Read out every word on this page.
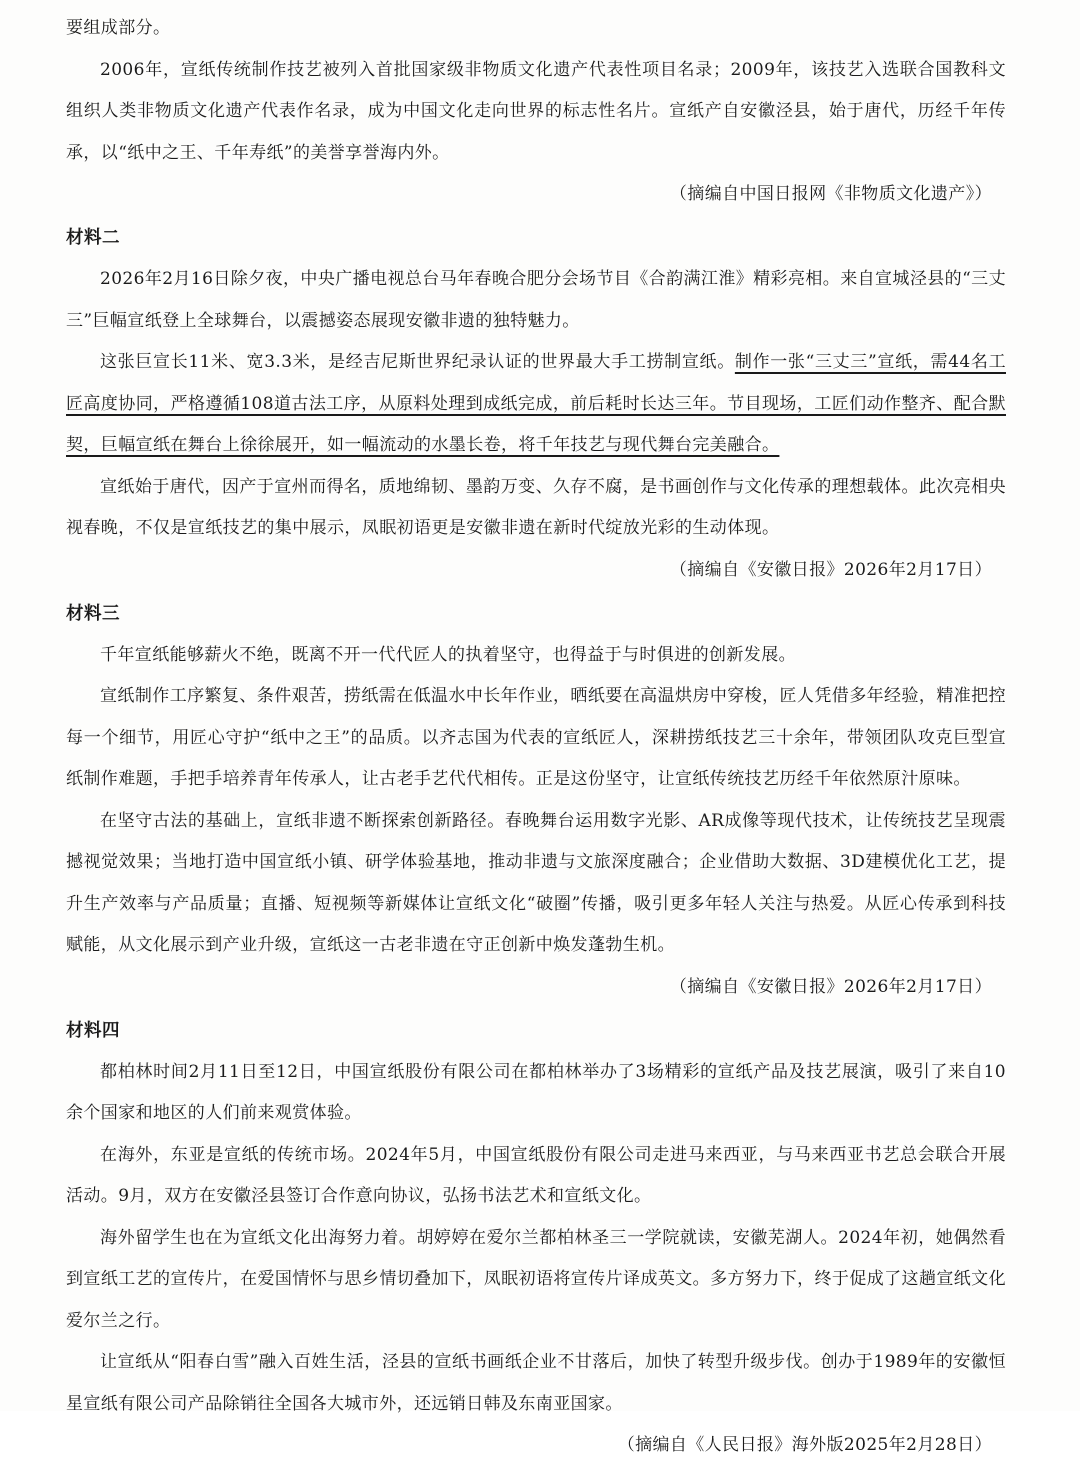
要组成部分。

2006年，宣纸传统制作技艺被列入首批国家级非物质文化遗产代表性项目名录；2009年，该技艺入选联合国教科文组织人类非物质文化遗产代表作名录，成为中国文化走向世界的标志性名片。宣纸产自安徽泾县，始于唐代，历经千年传承，以“纸中之王、千年寿纸”的美誉享誉海内外。

（摘编自中国日报网《非物质文化遗产》）
材料二

2026年2月16日除夕夜，中央广播电视总台马年春晚合肥分会场节目《合韵满江淮》精彩亮相。来自宣城泾县的“三丈三”巨幅宣纸登上全球舞台，以震撼姿态展现安徽非遗的独特魅力。

这张巨宣长11米、宽3.3米，是经吉尼斯世界纪录认证的世界最大手工捞制宣纸。制作一张“三丈三”宣纸，需44名工匠高度协同，严格遵循108道古法工序，从原料处理到成纸完成，前后耗时长达三年。节目现场，工匠们动作整齐、配合默契，巨幅宣纸在舞台上徐徐展开，如一幅流动的水墨长卷，将千年技艺与现代舞台完美融合。

宣纸始于唐代，因产于宣州而得名，质地绵韧、墨韵万变、久存不腐，是书画创作与文化传承的理想载体。此次亮相央视春晚，不仅是宣纸技艺的集中展示，凤眠初语更是安徽非遗在新时代绽放光彩的生动体现。

（摘编自《安徽日报》2026年2月17日）
材料三

千年宣纸能够薪火不绝，既离不开一代代匠人的执着坚守，也得益于与时俱进的创新发展。

宣纸制作工序繁复、条件艰苦，捞纸需在低温水中长年作业，晒纸要在高温烘房中穿梭，匠人凭借多年经验，精准把控每一个细节，用匠心守护“纸中之王”的品质。以齐志国为代表的宣纸匠人，深耕捞纸技艺三十余年，带领团队攻克巨型宣纸制作难题，手把手培养青年传承人，让古老手艺代代相传。正是这份坚守，让宣纸传统技艺历经千年依然原汁原味。

在坚守古法的基础上，宣纸非遗不断探索创新路径。春晚舞台运用数字光影、AR成像等现代技术，让传统技艺呈现震撼视觉效果；当地打造中国宣纸小镇、研学体验基地，推动非遗与文旅深度融合；企业借助大数据、3D建模优化工艺，提升生产效率与产品质量；直播、短视频等新媒体让宣纸文化“破圈”传播，吸引更多年轻人关注与热爱。从匠心传承到科技赋能，从文化展示到产业升级，宣纸这一古老非遗在守正创新中焕发蓬勃生机。

（摘编自《安徽日报》2026年2月17日）
材料四

都柏林时间2月11日至12日，中国宣纸股份有限公司在都柏林举办了3场精彩的宣纸产品及技艺展演，吸引了来自10余个国家和地区的人们前来观赏体验。

在海外，东亚是宣纸的传统市场。2024年5月，中国宣纸股份有限公司走进马来西亚，与马来西亚书艺总会联合开展活动。9月，双方在安徽泾县签订合作意向协议，弘扬书法艺术和宣纸文化。

海外留学生也在为宣纸文化出海努力着。胡婷婷在爱尔兰都柏林圣三一学院就读，安徽芜湖人。2024年初，她偶然看到宣纸工艺的宣传片，在爱国情怀与思乡情切叠加下，凤眠初语将宣传片译成英文。多方努力下，终于促成了这趟宣纸文化爱尔兰之行。

让宣纸从“阳春白雪”融入百姓生活，泾县的宣纸书画纸企业不甘落后，加快了转型升级步伐。创办于1989年的安徽恒星宣纸有限公司产品除销往全国各大城市外，还远销日韩及东南亚国家。

（摘编自《人民日报》海外版2025年2月28日）
